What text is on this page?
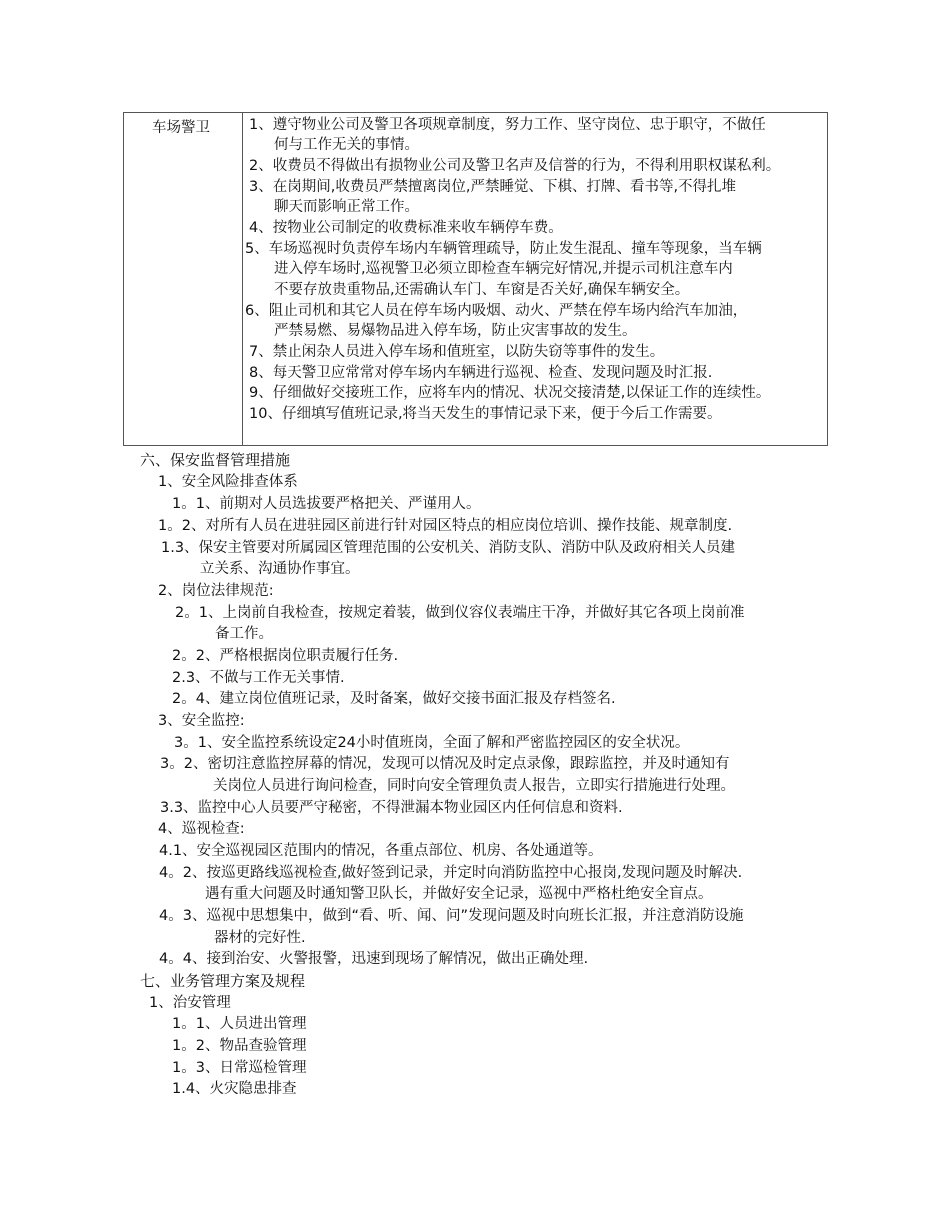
车场警卫	1、遵守物业公司及警卫各项规章制度，努力工作、坚守岗位、忠于职守，不做任
何与工作无关的事情。
2、收费员不得做出有损物业公司及警卫名声及信誉的行为，不得利用职权谋私利。
3、在岗期间,收费员严禁擅离岗位,严禁睡觉、下棋、打牌、看书等,不得扎堆
聊天而影响正常工作。
4、按物业公司制定的收费标准来收车辆停车费。
5、车场巡视时负责停车场内车辆管理疏导，防止发生混乱、撞车等现象，当车辆
进入停车场时,巡视警卫必须立即检查车辆完好情况,并提示司机注意车内
不要存放贵重物品,还需确认车门、车窗是否关好,确保车辆安全。
6、阻止司机和其它人员在停车场内吸烟、动火、严禁在停车场内给汽车加油，
严禁易燃、易爆物品进入停车场，防止灾害事故的发生。
7、禁止闲杂人员进入停车场和值班室，以防失窃等事件的发生。
8、每天警卫应常常对停车场内车辆进行巡视、检查、发现问题及时汇报.
9、仔细做好交接班工作，应将车内的情况、状况交接清楚,以保证工作的连续性。
10、仔细填写值班记录,将当天发生的事情记录下来，便于今后工作需要。
六、保安监督管理措施
1、安全风险排查体系
1。1、前期对人员选拔要严格把关、严谨用人。
1。2、对所有人员在进驻园区前进行针对园区特点的相应岗位培训、操作技能、规章制度.
1.3、保安主管要对所属园区管理范围的公安机关、消防支队、消防中队及政府相关人员建
立关系、沟通协作事宜。
2、岗位法律规范:
2。1、上岗前自我检查，按规定着装，做到仪容仪表端庄干净，并做好其它各项上岗前准
备工作。
2。2、严格根据岗位职责履行任务.
2.3、不做与工作无关事情.
2。4、建立岗位值班记录，及时备案，做好交接书面汇报及存档签名.
3、安全监控:
3。1、安全监控系统设定24小时值班岗，全面了解和严密监控园区的安全状况。
3。2、密切注意监控屏幕的情况，发现可以情况及时定点录像，跟踪监控，并及时通知有
关岗位人员进行询问检查，同时向安全管理负责人报告，立即实行措施进行处理。
3.3、监控中心人员要严守秘密，不得泄漏本物业园区内任何信息和资料.
4、巡视检查:
4.1、安全巡视园区范围内的情况，各重点部位、机房、各处通道等。
4。2、按巡更路线巡视检查,做好签到记录，并定时向消防监控中心报岗,发现问题及时解决.
遇有重大问题及时通知警卫队长，并做好安全记录，巡视中严格杜绝安全盲点。
4。3、巡视中思想集中，做到“看、听、闻、问”发现问题及时向班长汇报，并注意消防设施
器材的完好性.
4。4、接到治安、火警报警，迅速到现场了解情况，做出正确处理.
七、业务管理方案及规程
1、治安管理
1。1、人员进出管理
1。2、物品查验管理
1。3、日常巡检管理
1.4、火灾隐患排查
